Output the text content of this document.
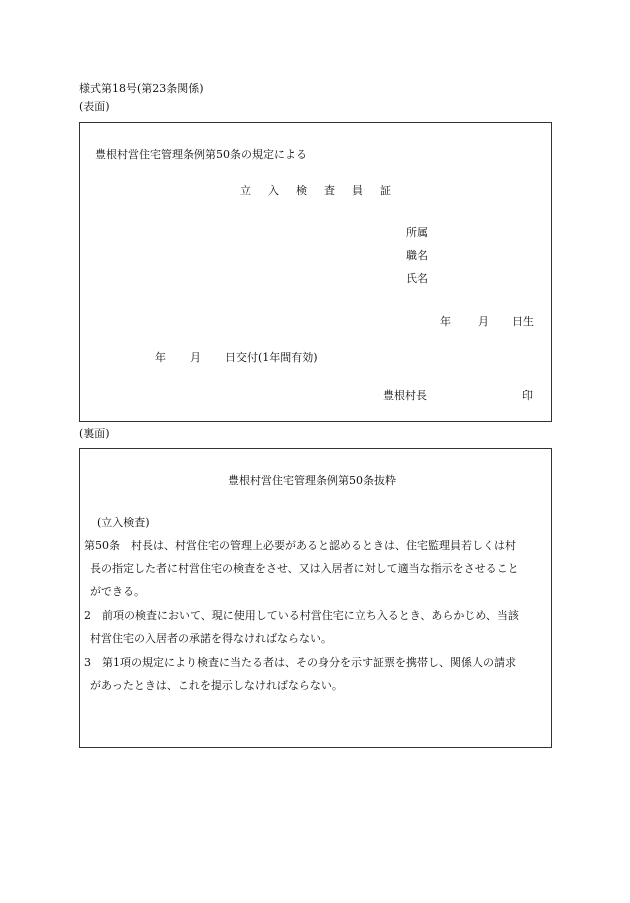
様式第18号(第23条関係)
(表面)
豊根村営住宅管理条例第50条の規定による
立 入 検 査 員 証
所属
職名
氏名
年 月 日生
年 月 日交付(1年間有効)
豊根村長	印
(裏面)
豊根村営住宅管理条例第50条抜粋
(立入検査)
第50条　村長は、村営住宅の管理上必要があると認めるときは、住宅監理員若しくは村
長の指定した者に村営住宅の検査をさせ、又は入居者に対して適当な指示をさせること
ができる。
2　前項の検査において、現に使用している村営住宅に立ち入るとき、あらかじめ、当該
村営住宅の入居者の承諾を得なければならない。
3　第1項の規定により検査に当たる者は、その身分を示す証票を携帯し、関係人の請求
があったときは、これを提示しなければならない。
